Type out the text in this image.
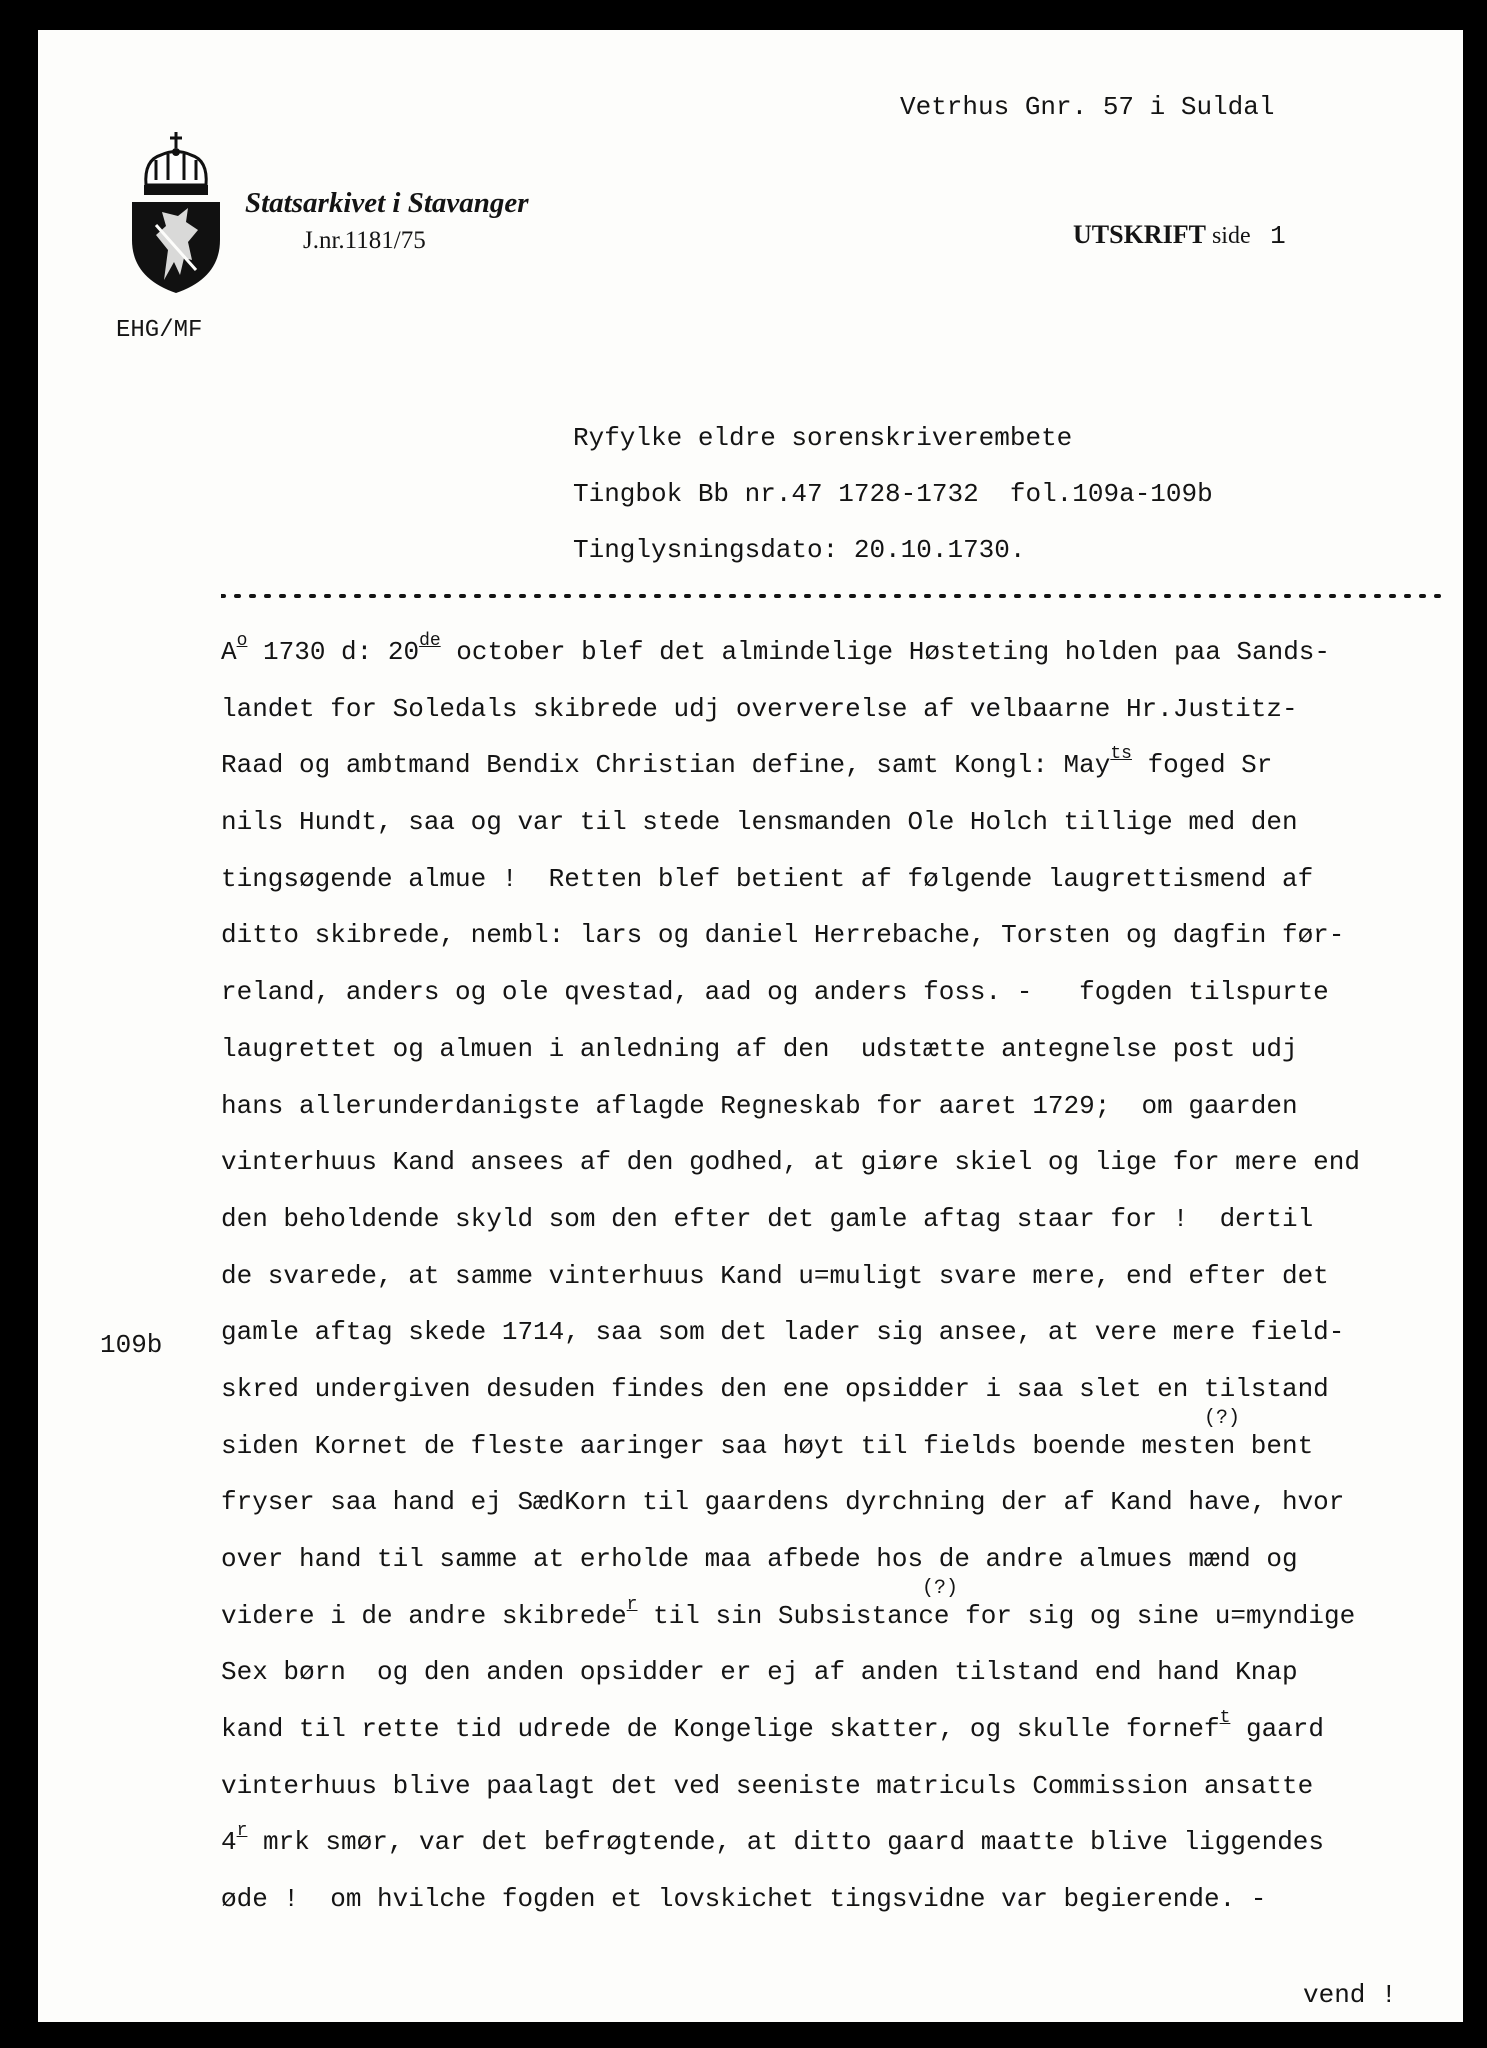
Vetrhus Gnr. 57 i Suldal
Statsarkivet i Stavanger
J.nr.1181/75	UTSKRIFT side 1
EHG/MF
Ryfylke eldre sorenskriverembete
Tingbok Bb nr.47 1728-1732  fol.109a-109b
Tinglysningsdato: 20.10.1730.
$A^o$ 1730 d: 20de october blef det almindelige Høsteting holden paa Sands-
landet for Soledals skibrede udj oververelse af velbaarne Hr.Justitz-
Raad og ambtmand Bendix Christian define, samt Kongl: May$^{ts}$ foged Sr
nils Hundt, saa og var til stede lensmanden Ole Holch tillige med den
tingsøgende almue !  Retten blef betient af følgende laugrettismend af
ditto skibrede, nembl: lars og daniel Herrebache, Torsten og dagfin før-
reland, anders og ole qvestad, aad og anders foss. -   fogden tilspurte
laugrettet og almuen i anledning af den  udstætte antegnelse post udj
hans allerunderdanigste aflagde Regneskab for aaret 1729;  om gaarden
vinterhuus Kand ansees af den godhed, at giøre skiel og lige for mere end
den beholdende skyld som den efter det gamle aftag staar for !  dertil
de svarede, at samme vinterhuus Kand u=muligt svare mere, end efter det
gamle aftag skede 1714, saa som det lader sig ansee, at vere mere field-
skred undergiven desuden findes den ene opsidder i saa slet en tilstand
siden Kornet de fleste aaringer saa høyt til fields boende mesten bent
(?)
fryser saa hand ej SædKorn til gaardens dyrchning der af Kand have, hvor
over hand til samme at erholde maa afbede hos de andre almues mænd og
videre i de andre skibrede$^r$ til sin Subsistance for sig og sine u=myndige
(?)
Sex børn  og den anden opsidder er ej af anden tilstand end hand Knap
kand til rette tid udrede de Kongelige skatter, og skulle fornef$^t$ gaard
vinterhuus blive paalagt det ved seeniste matriculs Commission ansatte
4$^r$ mrk smør, var det befrøgtende, at ditto gaard maatte blive liggendes
øde !  om hvilche fogden et lovskichet tingsvidne var begierende. -
109b
vend !
